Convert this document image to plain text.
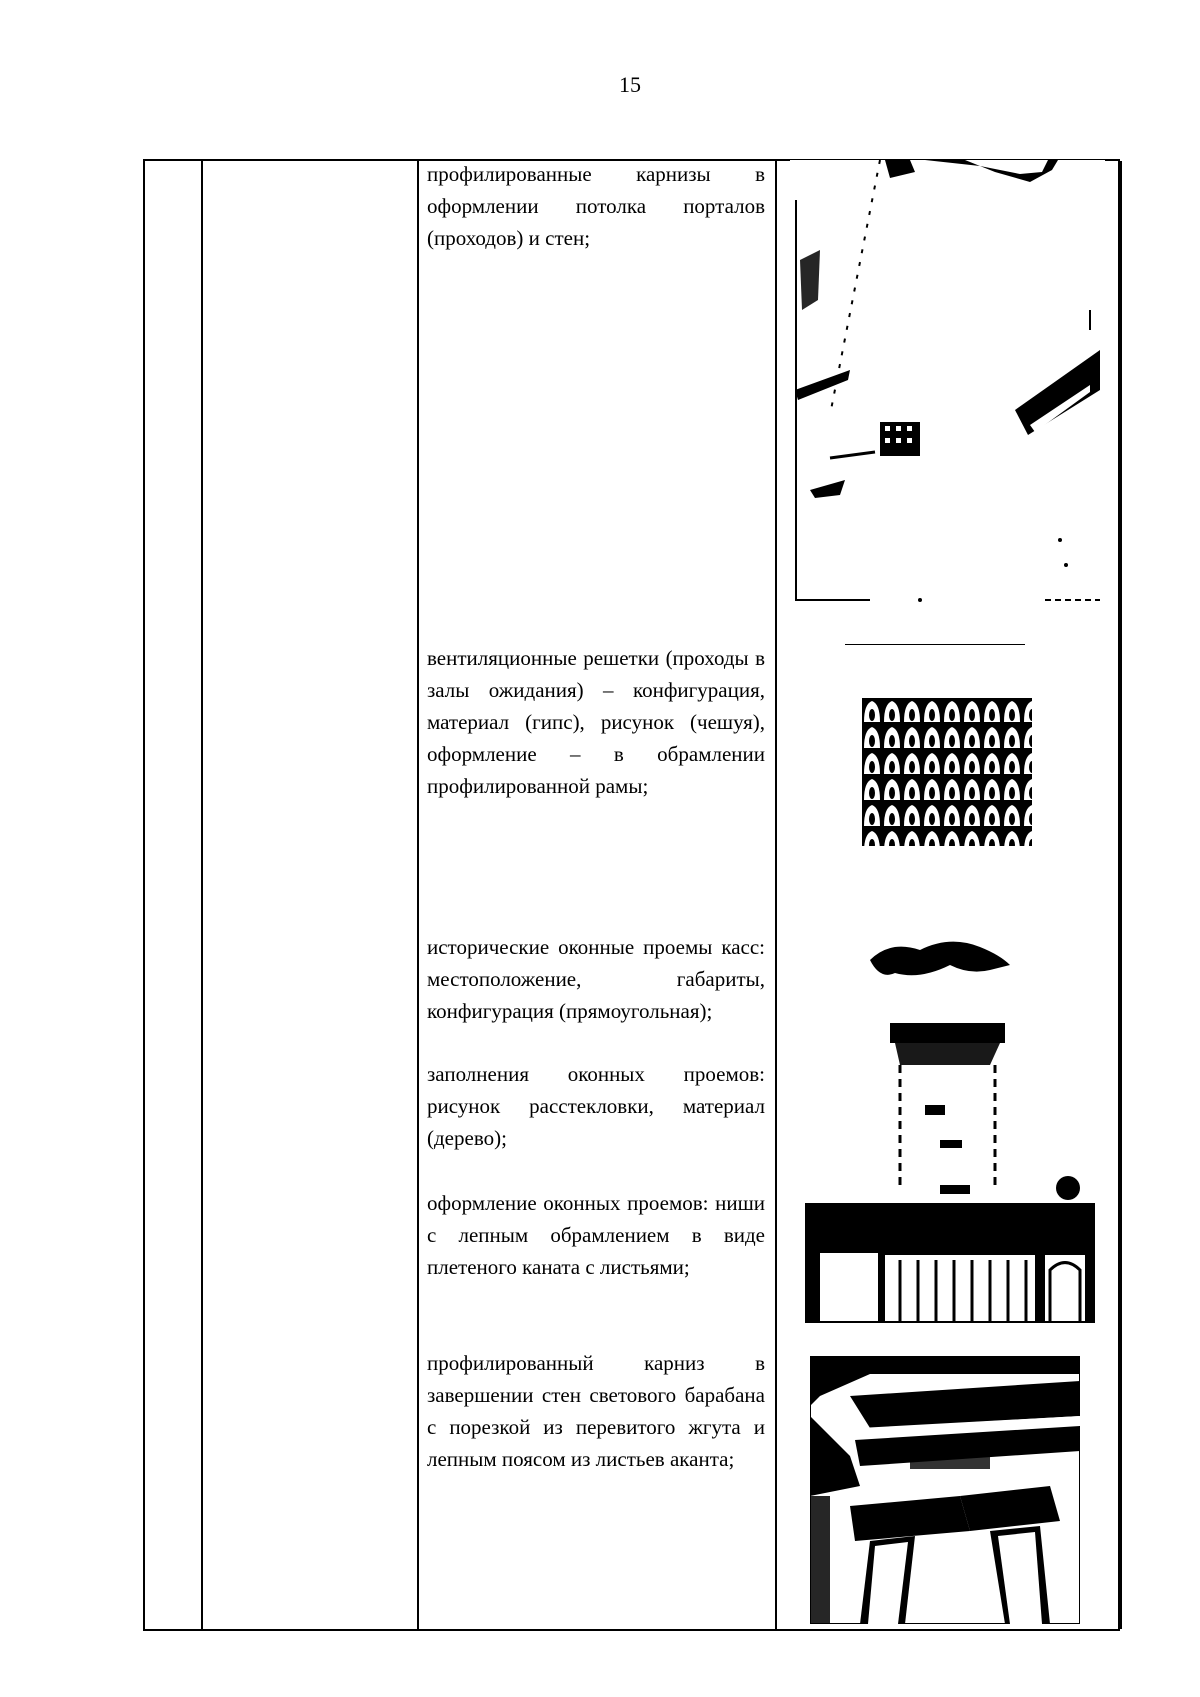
15
профилированные карнизы в оформлении потолка порталов (проходов) и стен;
вентиляционные решетки (проходы в залы ожидания) – конфигурация, материал (гипс), рисунок (чешуя), оформление – в обрамлении профилированной рамы;
исторические оконные проемы касс: местоположение, габариты, конфигурация (прямоугольная);
заполнения оконных проемов: рисунок расстекловки, материал (дерево);
оформление оконных проемов: ниши с лепным обрамлением в виде плетеного каната с листьями;
профилированный карниз в завершении стен светового барабана с порезкой из перевитого жгута и лепным поясом из листьев аканта;
